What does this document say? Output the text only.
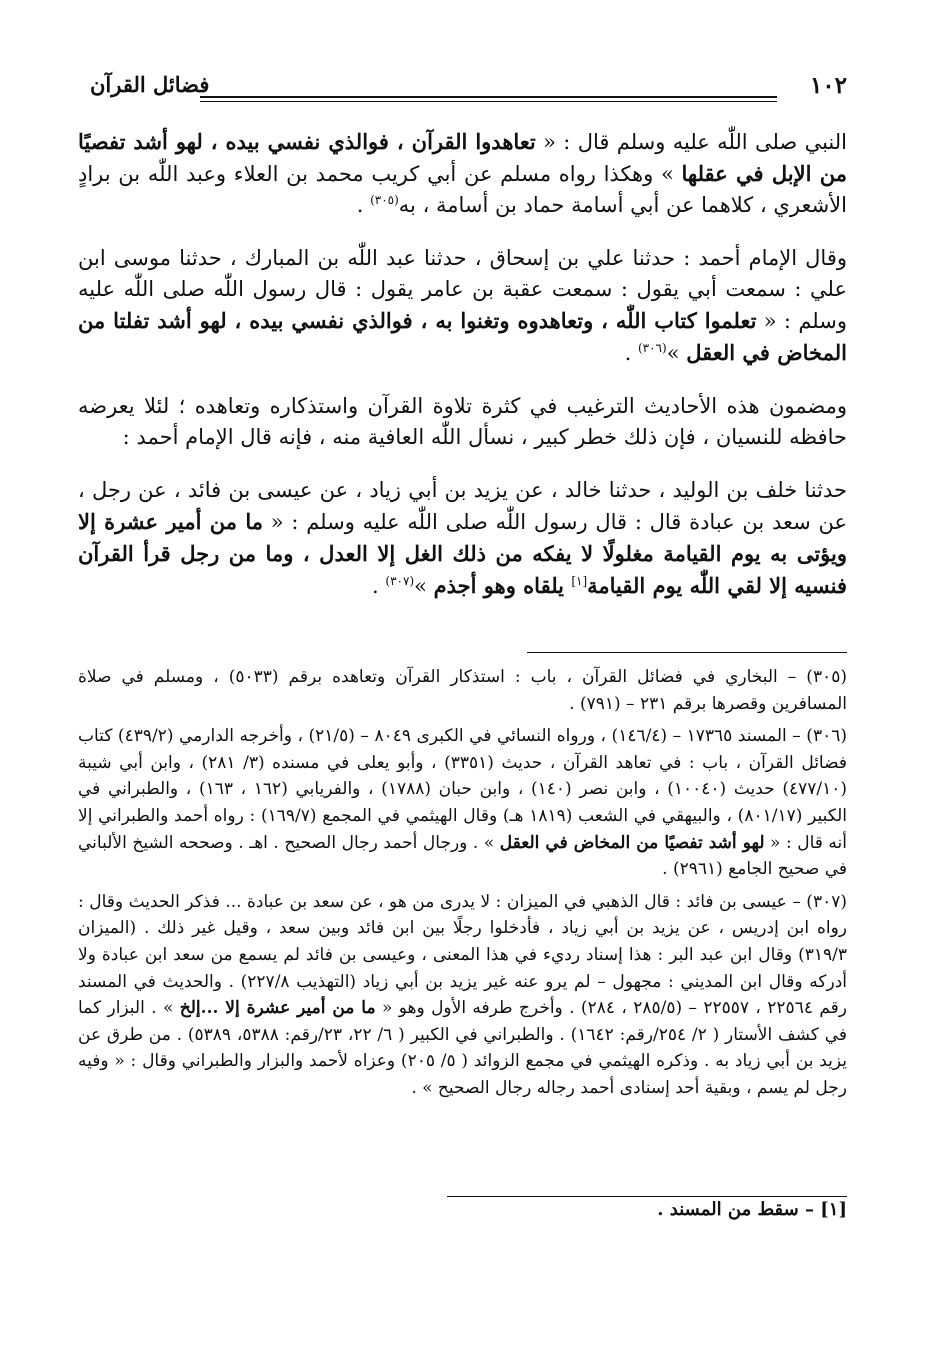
١٠٢
فضائل القرآن

النبي صلى اللّٰه عليه وسلم قال : « تعاهدوا القرآن ، فوالذي نفسي بيده ، لهو أشد تفصيًا من الإبل في عقلها » وهكذا رواه مسلم عن أبي كريب محمد بن العلاء وعبد اللّٰه بن برادٍ الأشعري ، كلاهما عن أبي أسامة حماد بن أسامة ، به$^{(٣٠٥)}$ .

وقال الإمام أحمد : حدثنا علي بن إسحاق ، حدثنا عبد اللّٰه بن المبارك ، حدثنا موسى ابن علي : سمعت أبي يقول : سمعت عقبة بن عامر يقول : قال رسول اللّٰه صلى اللّٰه عليه وسلم : « تعلموا كتاب اللّٰه ، وتعاهدوه وتغنوا به ، فوالذي نفسي بيده ، لهو أشد تفلتا من المخاض في العقل »$^{(٣٠٦)}$ .

ومضمون هذه الأحاديث الترغيب في كثرة تلاوة القرآن واستذكاره وتعاهده ؛ لئلا يعرضه حافظه للنسيان ، فإن ذلك خطر كبير ، نسأل اللّٰه العافية منه ، فإنه قال الإمام أحمد :

حدثنا خلف بن الوليد ، حدثنا خالد ، عن يزيد بن أبي زياد ، عن عيسى بن فائد ، عن رجل ، عن سعد بن عبادة قال : قال رسول اللّٰه صلى اللّٰه عليه وسلم : « ما من أمير عشرة إلا ويؤتى به يوم القيامة مغلولًا لا يفكه من ذلك الغل إلا العدل ، وما من رجل قرأ القرآن فنسيه إلا لقي اللّٰه يوم القيامة[١] يلقاه وهو أجذم »$^{(٣٠٧)}$ .

(٣٠٥) – البخاري في فضائل القرآن ، باب : استذكار القرآن وتعاهده برقم (٥٠٣٣) ، ومسلم في صلاة المسافرين وقصرها برقم ٢٣١ – (٧٩١) .

(٣٠٦) – المسند ١٧٣٦٥ – (١٤٦/٤) ، ورواه النسائي في الكبرى ٨٠٤٩ – (٢١/٥) ، وأخرجه الدارمي (٤٣٩/٢) كتاب فضائل القرآن ، باب : في تعاهد القرآن ، حديث (٣٣٥١) ، وأبو يعلى في مسنده (٣/ ٢٨١) ، وابن أبي شيبة (٤٧٧/١٠) حديث (١٠٠٤٠) ، وابن نصر (١٤٠) ، وابن حبان (١٧٨٨) ، والفريابي (١٦٢ ، ١٦٣) ، والطبراني في الكبير (٨٠١/١٧) ، والبيهقي في الشعب (١٨١٩ هـ) وقال الهيثمي في المجمع (١٦٩/٧) : رواه أحمد والطبراني إلا أنه قال : « لهو أشد تفصيًا من المخاض في العقل » . ورجال أحمد رجال الصحيح . اهـ . وصححه الشيخ الألباني في صحيح الجامع (٢٩٦١) .

(٣٠٧) – عيسى بن فائد : قال الذهبي في الميزان : لا يدرى من هو ، عن سعد بن عبادة ... فذكر الحديث وقال : رواه ابن إدريس ، عن يزيد بن أبي زياد ، فأدخلوا رجلًا بين ابن فائد وبين سعد ، وقيل غير ذلك . (الميزان ٣١٩/٣) وقال ابن عبد البر : هذا إسناد رديء في هذا المعنى ، وعيسى بن فائد لم يسمع من سعد ابن عبادة ولا أدركه وقال ابن المديني : مجهول – لم يرو عنه غير يزيد بن أبي زياد (التهذيب ٢٢٧/٨) . والحديث في المسند رقم ٢٢٥٦٤ ، ٢٢٥٥٧ – (٢٨٥/٥ ، ٢٨٤) . وأخرج طرفه الأول وهو « ما من أمير عشرة إلا ...إلخ » . البزار كما في كشف الأستار ( ٢/ ٢٥٤/رقم: ١٦٤٢) . والطبراني في الكبير ( ٦/ ٢٢، ٢٣/رقم: ٥٣٨٨، ٥٣٨٩) . من طرق عن يزيد بن أبي زياد به . وذكره الهيثمي في مجمع الزوائد ( ٥/ ٢٠٥) وعزاه لأحمد والبزار والطبراني وقال : « وفيه رجل لم يسم ، وبقية أحد إسنادى أحمد رجاله رجال الصحيح » .

[١] – سقط من المسند .
